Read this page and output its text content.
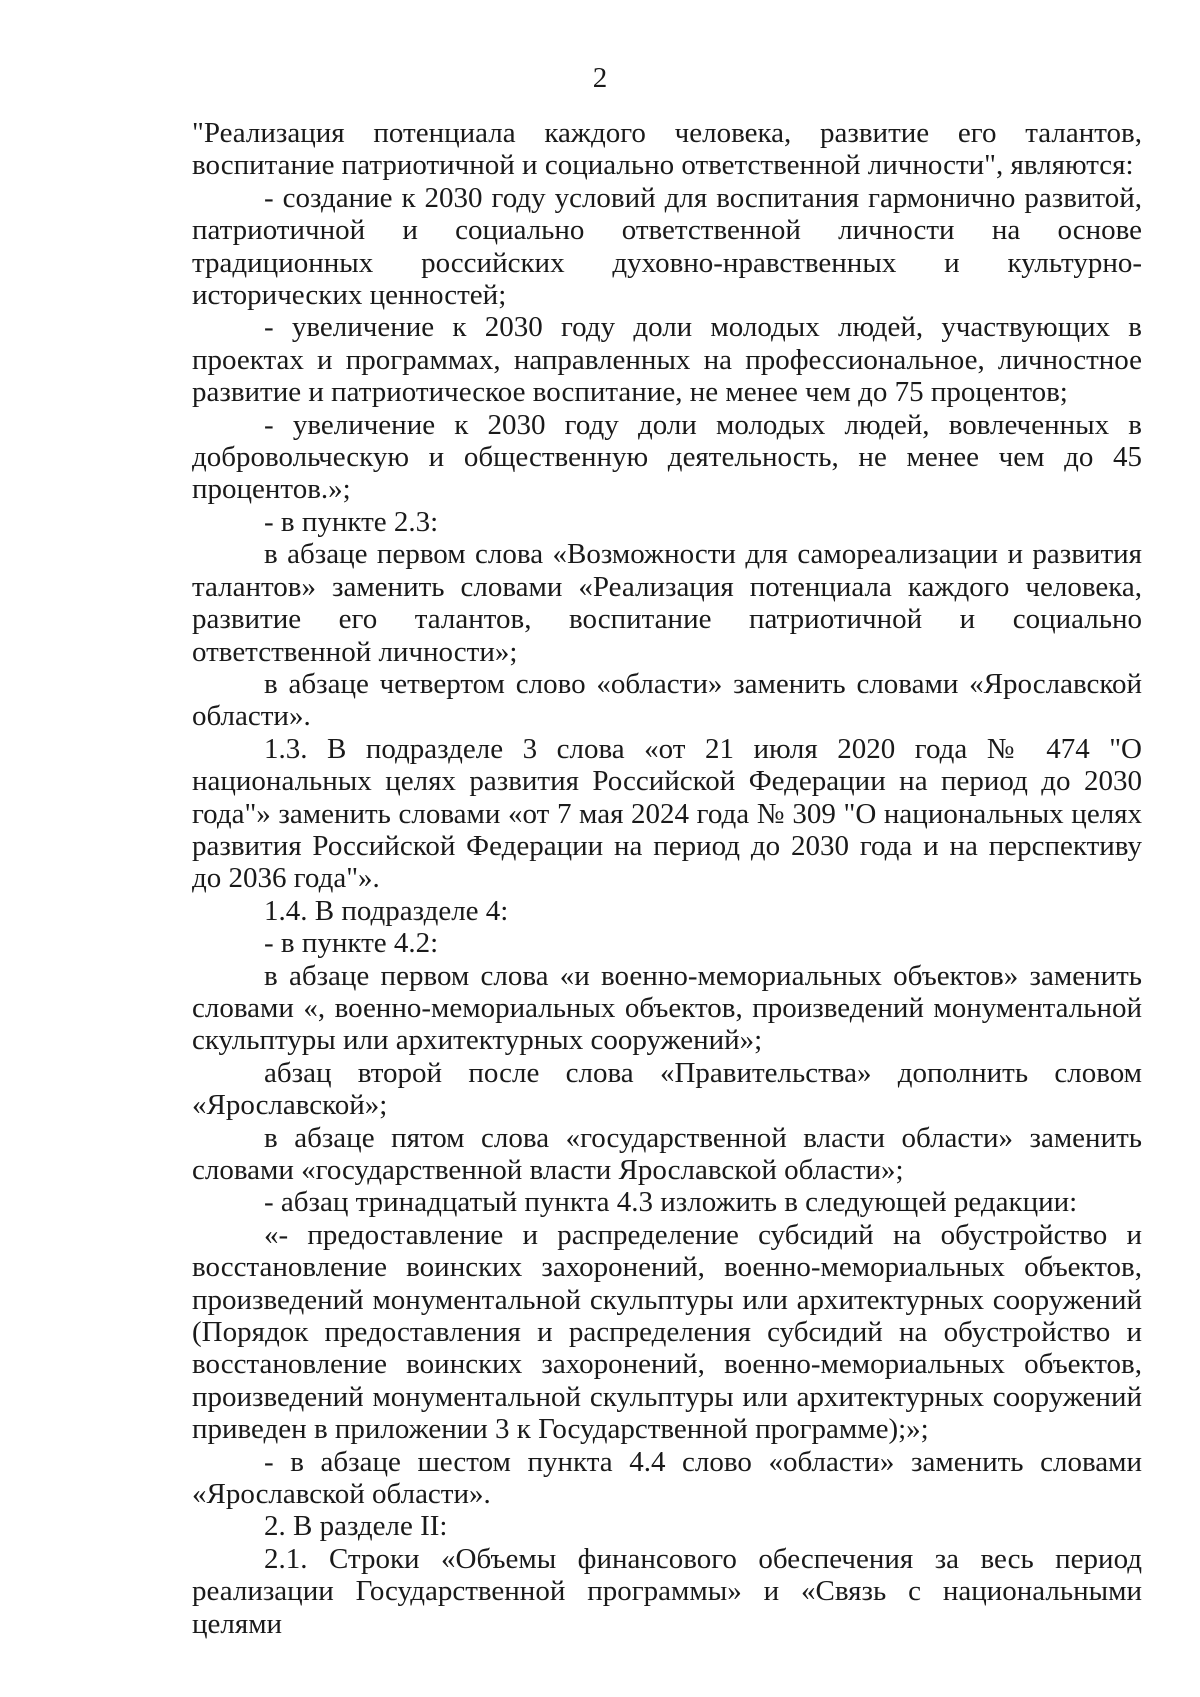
2

"Реализация потенциала каждого человека, развитие его талантов, воспитание патриотичной и социально ответственной личности", являются:

- создание к 2030 году условий для воспитания гармонично развитой, патриотичной и социально ответственной личности на основе традиционных российских духовно-нравственных и культурно-исторических ценностей;

- увеличение к 2030 году доли молодых людей, участвующих в проектах и программах, направленных на профессиональное, личностное развитие и патриотическое воспитание, не менее чем до 75 процентов;

- увеличение к 2030 году доли молодых людей, вовлеченных в добровольческую и общественную деятельность, не менее чем до 45 процентов.»;

- в пункте 2.3:

в абзаце первом слова «Возможности для самореализации и развития талантов» заменить словами «Реализация потенциала каждого человека, развитие его талантов, воспитание патриотичной и социально ответственной личности»;

в абзаце четвертом слово «области» заменить словами «Ярославской области».

1.3. В подразделе 3 слова «от 21 июля 2020 года № 474 "О национальных целях развития Российской Федерации на период до 2030 года"» заменить словами «от 7 мая 2024 года № 309 "О национальных целях развития Российской Федерации на период до 2030 года и на перспективу до 2036 года"».

1.4. В подразделе 4:

- в пункте 4.2:

в абзаце первом слова «и военно-мемориальных объектов» заменить словами «, военно-мемориальных объектов, произведений монументальной скульптуры или архитектурных сооружений»;

абзац второй после слова «Правительства» дополнить словом «Ярославской»;

в абзаце пятом слова «государственной власти области» заменить словами «государственной власти Ярославской области»;

- абзац тринадцатый пункта 4.3 изложить в следующей редакции:

«- предоставление и распределение субсидий на обустройство и восстановление воинских захоронений, военно-мемориальных объектов, произведений монументальной скульптуры или архитектурных сооружений (Порядок предоставления и распределения субсидий на обустройство и восстановление воинских захоронений, военно-мемориальных объектов, произведений монументальной скульптуры или архитектурных сооружений приведен в приложении 3 к Государственной программе);»;

- в абзаце шестом пункта 4.4 слово «области» заменить словами «Ярославской области».

2. В разделе II:

2.1. Строки «Объемы финансового обеспечения за весь период реализации Государственной программы» и «Связь с национальными целями
